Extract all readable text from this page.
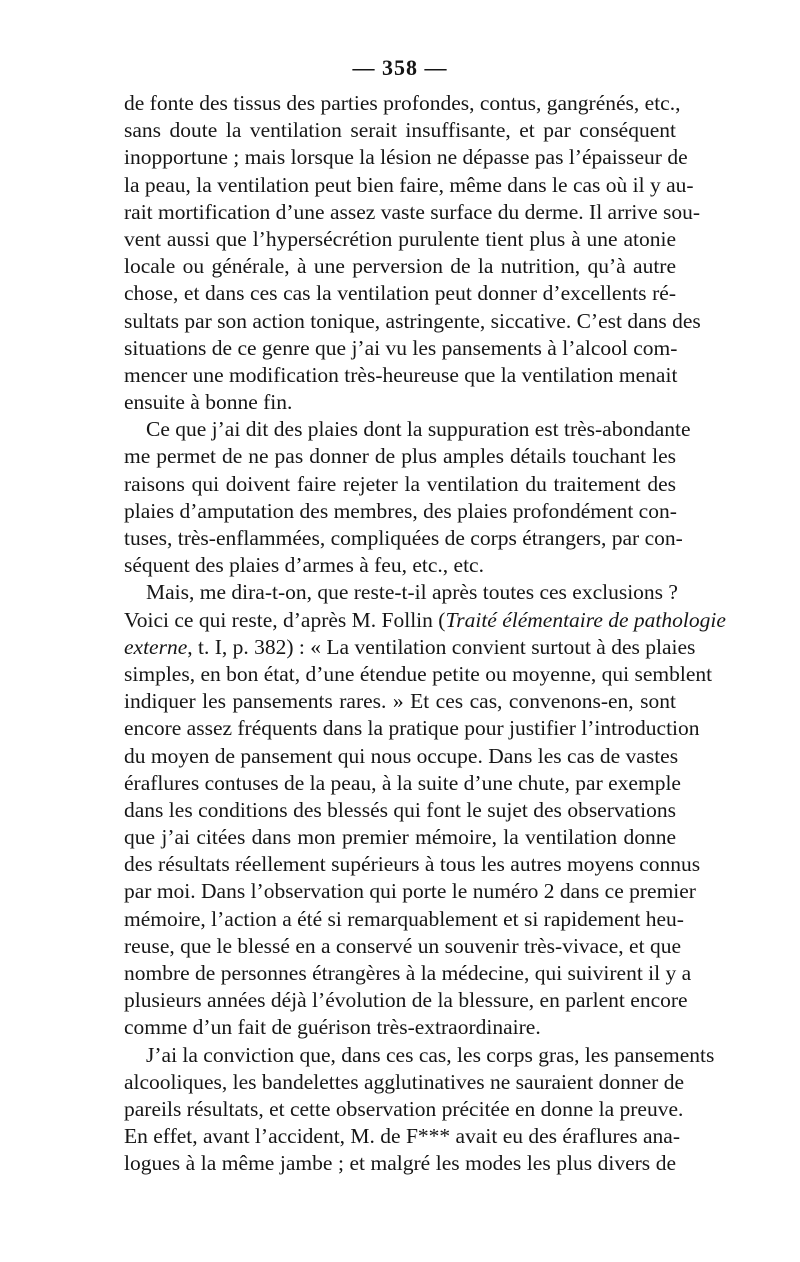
— 358 —
de fonte des tissus des parties profondes, contus, gangrénés, etc.,
sans doute la ventilation serait insuffisante, et par conséquent
inopportune ; mais lorsque la lésion ne dépasse pas l’épaisseur de
la peau, la ventilation peut bien faire, même dans le cas où il y au-
rait mortification d’une assez vaste surface du derme. Il arrive sou-
vent aussi que l’hypersécrétion purulente tient plus à une atonie
locale ou générale, à une perversion de la nutrition, qu’à autre
chose, et dans ces cas la ventilation peut donner d’excellents ré-
sultats par son action tonique, astringente, siccative. C’est dans des
situations de ce genre que j’ai vu les pansements à l’alcool com-
mencer une modification très-heureuse que la ventilation menait
ensuite à bonne fin.
Ce que j’ai dit des plaies dont la suppuration est très-abondante
me permet de ne pas donner de plus amples détails touchant les
raisons qui doivent faire rejeter la ventilation du traitement des
plaies d’amputation des membres, des plaies profondément con-
tuses, très-enflammées, compliquées de corps étrangers, par con-
séquent des plaies d’armes à feu, etc., etc.
Mais, me dira-t-on, que reste-t-il après toutes ces exclusions ?
Voici ce qui reste, d’après M. Follin (Traité élémentaire de pathologie
externe, t. I, p. 382) : « La ventilation convient surtout à des plaies
simples, en bon état, d’une étendue petite ou moyenne, qui semblent
indiquer les pansements rares. » Et ces cas, convenons-en, sont
encore assez fréquents dans la pratique pour justifier l’introduction
du moyen de pansement qui nous occupe. Dans les cas de vastes
éraflures contuses de la peau, à la suite d’une chute, par exemple
dans les conditions des blessés qui font le sujet des observations
que j’ai citées dans mon premier mémoire, la ventilation donne
des résultats réellement supérieurs à tous les autres moyens connus
par moi. Dans l’observation qui porte le numéro 2 dans ce premier
mémoire, l’action a été si remarquablement et si rapidement heu-
reuse, que le blessé en a conservé un souvenir très-vivace, et que
nombre de personnes étrangères à la médecine, qui suivirent il y a
plusieurs années déjà l’évolution de la blessure, en parlent encore
comme d’un fait de guérison très-extraordinaire.
J’ai la conviction que, dans ces cas, les corps gras, les pansements
alcooliques, les bandelettes agglutinatives ne sauraient donner de
pareils résultats, et cette observation précitée en donne la preuve.
En effet, avant l’accident, M. de F*** avait eu des éraflures ana-
logues à la même jambe ; et malgré les modes les plus divers de
